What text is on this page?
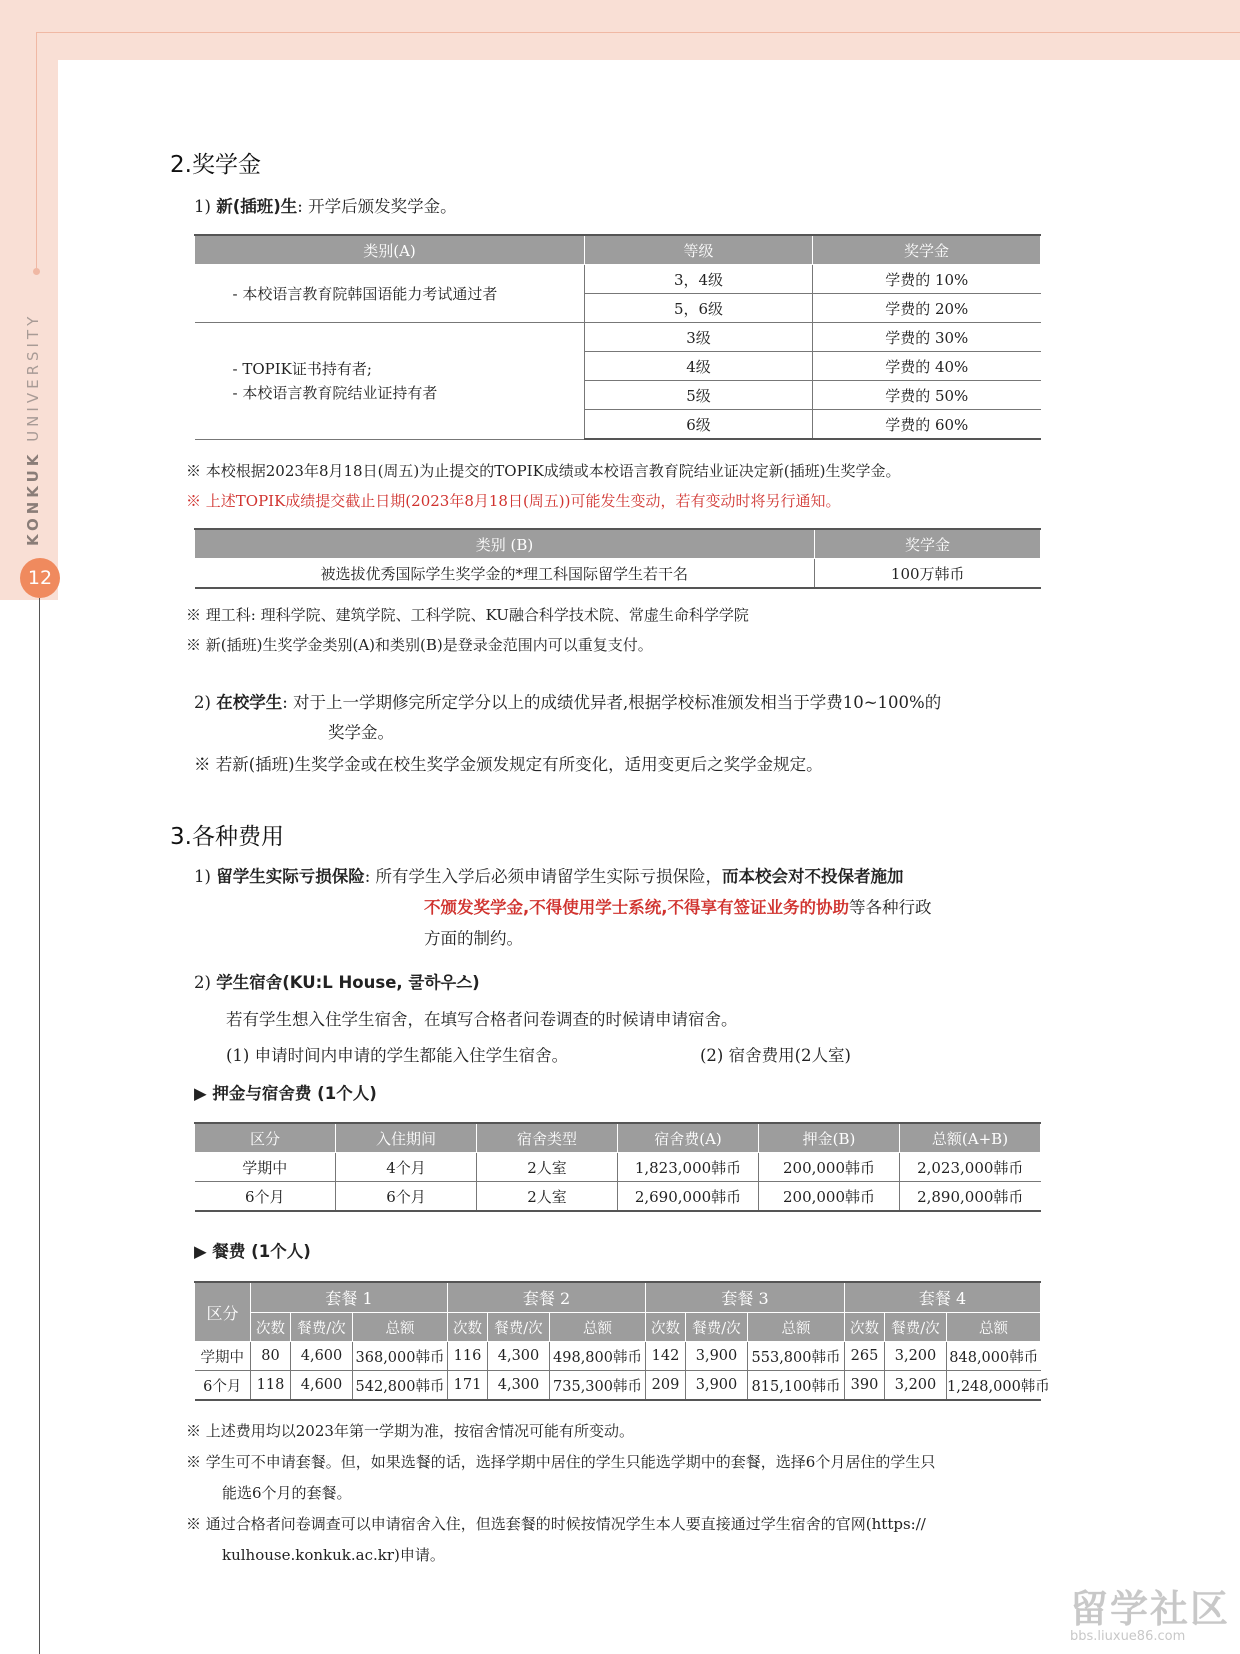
KONKUK UNIVERSITY
12
2.奖学金
1) 新(插班)生: 开学后颁发奖学金。
类别(A)	等级	奖学金
- 本校语言教育院韩国语能力考试通过者	3，4级	学费的 10%
	5，6级	学费的 20%
- TOPIK证书持有者;
- 本校语言教育院结业证持有者	3级	学费的 30%
	4级	学费的 40%
	5级	学费的 50%
	6级	学费的 60%
※ 本校根据2023年8月18日(周五)为止提交的TOPIK成绩或本校语言教育院结业证决定新(插班)生奖学金。
※ 上述TOPIK成绩提交截止日期(2023年8月18日(周五))可能发生变动，若有变动时将另行通知。
类别 (B)	奖学金
被选拔优秀国际学生奖学金的*理工科国际留学生若干名	100万韩币
※ 理工科: 理科学院、建筑学院、工科学院、KU融合科学技术院、常虚生命科学学院
※ 新(插班)生奖学金类别(A)和类别(B)是登录金范围内可以重复支付。
2) 在校学生: 对于上一学期修完所定学分以上的成绩优异者,根据学校标准颁发相当于学费10~100%的
奖学金。
※ 若新(插班)生奖学金或在校生奖学金颁发规定有所变化，适用变更后之奖学金规定。
3.各种费用
1) 留学生实际亏损保险: 所有学生入学后必须申请留学生实际亏损保险，而本校会对不投保者施加
不颁发奖学金,不得使用学士系统,不得享有签证业务的协助等各种行政
方面的制约。
2) 学生宿舍(KU:L House, 쿨하우스)
若有学生想入住学生宿舍，在填写合格者问卷调查的时候请申请宿舍。
(1) 申请时间内申请的学生都能入住学生宿舍。	(2) 宿舍费用(2人室)
▶ 押金与宿舍费 (1个人)
区分	入住期间	宿舍类型	宿舍费(A)	押金(B)	总额(A+B)
学期中	4个月	2人室	1,823,000韩币	200,000韩币	2,023,000韩币
6个月	6个月	2人室	2,690,000韩币	200,000韩币	2,890,000韩币
▶ 餐费 (1个人)
区分	套餐 1			套餐 2			套餐 3			套餐 4		
	次数	餐费/次	总额	次数	餐费/次	总额	次数	餐费/次	总额	次数	餐费/次	总额
学期中	80	4,600	368,000韩币	116	4,300	498,800韩币	142	3,900	553,800韩币	265	3,200	848,000韩币
6个月	118	4,600	542,800韩币	171	4,300	735,300韩币	209	3,900	815,100韩币	390	3,200	1,248,000韩币
※ 上述费用均以2023年第一学期为准，按宿舍情况可能有所变动。
※ 学生可不申请套餐。但，如果选餐的话，选择学期中居住的学生只能选学期中的套餐，选择6个月居住的学生只
能选6个月的套餐。
※ 通过合格者问卷调查可以申请宿舍入住，但选套餐的时候按情况学生本人要直接通过学生宿舍的官网(https://
kulhouse.konkuk.ac.kr)申请。
留学社区
bbs.liuxue86.com
